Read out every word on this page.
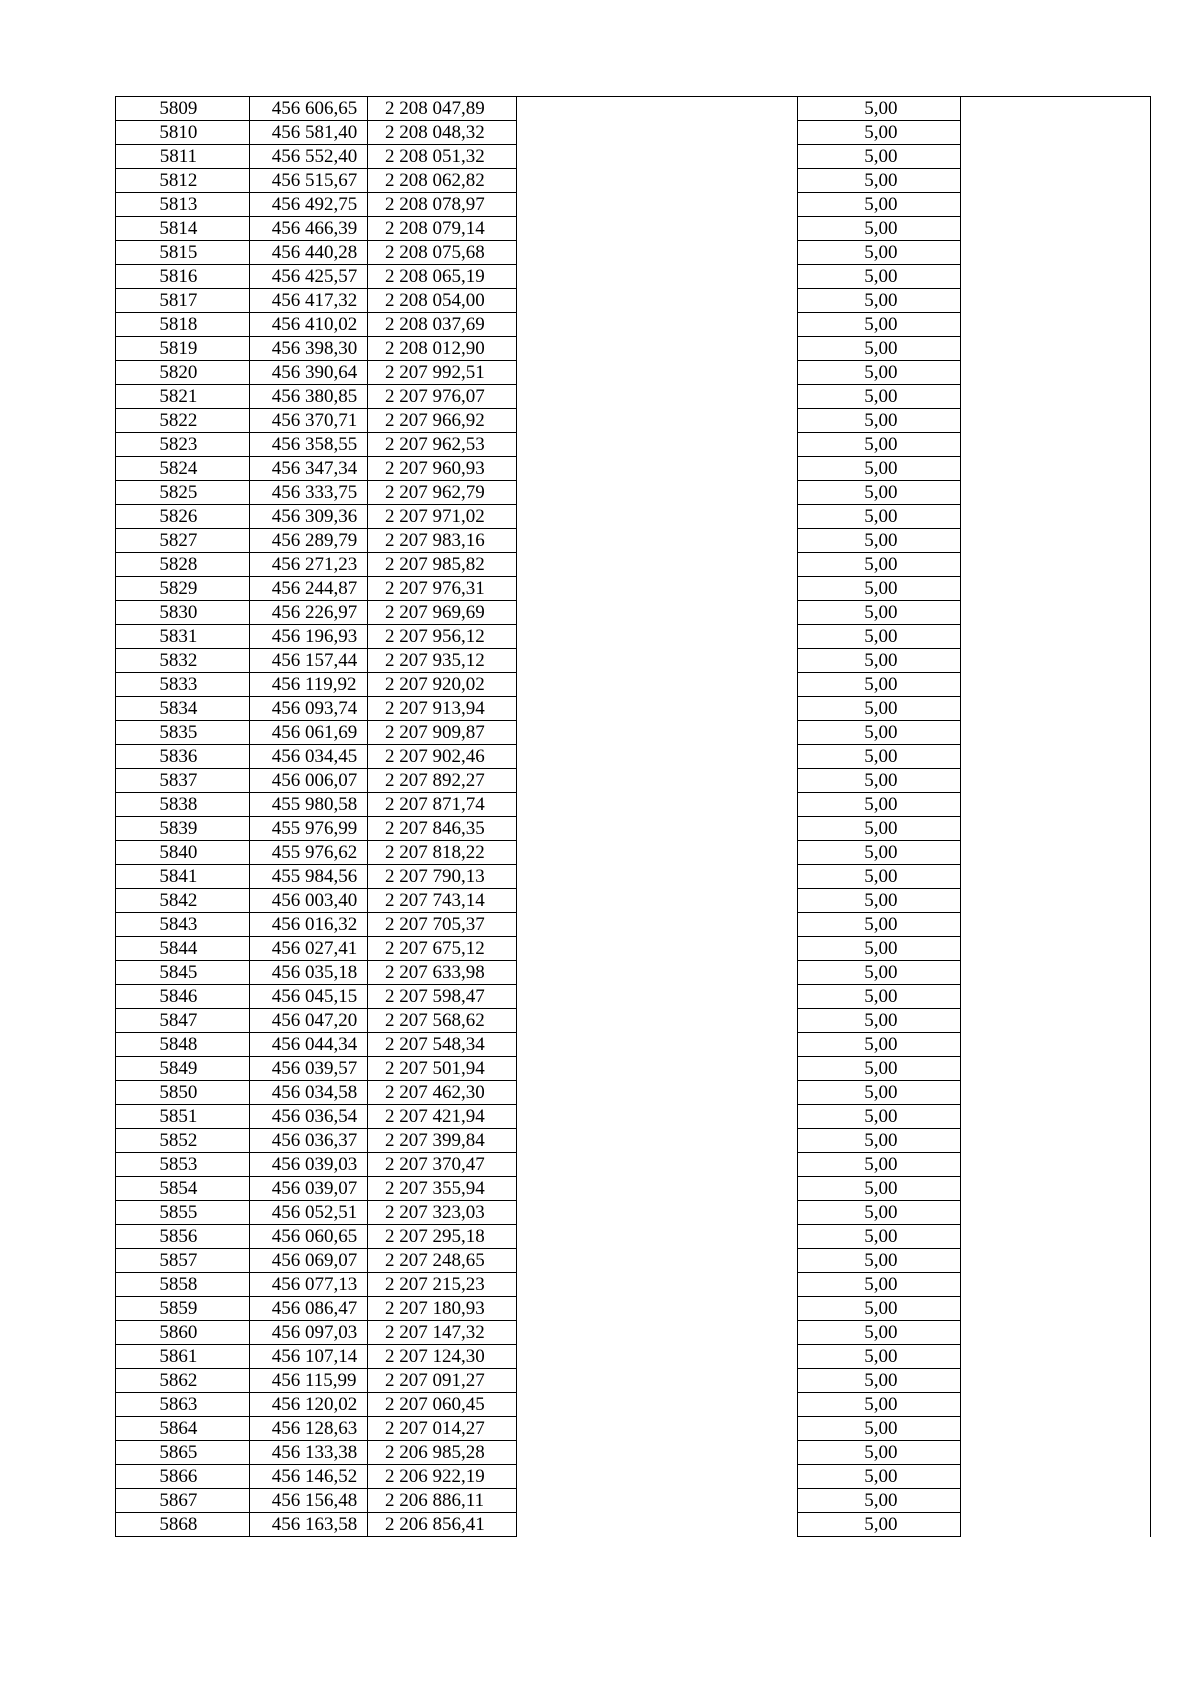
5809	456 606,65	2 208 047,89		5,00	
5810	456 581,40	2 208 048,32		5,00	
5811	456 552,40	2 208 051,32		5,00	
5812	456 515,67	2 208 062,82		5,00	
5813	456 492,75	2 208 078,97		5,00	
5814	456 466,39	2 208 079,14		5,00	
5815	456 440,28	2 208 075,68		5,00	
5816	456 425,57	2 208 065,19		5,00	
5817	456 417,32	2 208 054,00		5,00	
5818	456 410,02	2 208 037,69		5,00	
5819	456 398,30	2 208 012,90		5,00	
5820	456 390,64	2 207 992,51		5,00	
5821	456 380,85	2 207 976,07		5,00	
5822	456 370,71	2 207 966,92		5,00	
5823	456 358,55	2 207 962,53		5,00	
5824	456 347,34	2 207 960,93		5,00	
5825	456 333,75	2 207 962,79		5,00	
5826	456 309,36	2 207 971,02		5,00	
5827	456 289,79	2 207 983,16		5,00	
5828	456 271,23	2 207 985,82		5,00	
5829	456 244,87	2 207 976,31		5,00	
5830	456 226,97	2 207 969,69		5,00	
5831	456 196,93	2 207 956,12		5,00	
5832	456 157,44	2 207 935,12		5,00	
5833	456 119,92	2 207 920,02		5,00	
5834	456 093,74	2 207 913,94		5,00	
5835	456 061,69	2 207 909,87		5,00	
5836	456 034,45	2 207 902,46		5,00	
5837	456 006,07	2 207 892,27		5,00	
5838	455 980,58	2 207 871,74		5,00	
5839	455 976,99	2 207 846,35		5,00	
5840	455 976,62	2 207 818,22		5,00	
5841	455 984,56	2 207 790,13		5,00	
5842	456 003,40	2 207 743,14		5,00	
5843	456 016,32	2 207 705,37		5,00	
5844	456 027,41	2 207 675,12		5,00	
5845	456 035,18	2 207 633,98		5,00	
5846	456 045,15	2 207 598,47		5,00	
5847	456 047,20	2 207 568,62		5,00	
5848	456 044,34	2 207 548,34		5,00	
5849	456 039,57	2 207 501,94		5,00	
5850	456 034,58	2 207 462,30		5,00	
5851	456 036,54	2 207 421,94		5,00	
5852	456 036,37	2 207 399,84		5,00	
5853	456 039,03	2 207 370,47		5,00	
5854	456 039,07	2 207 355,94		5,00	
5855	456 052,51	2 207 323,03		5,00	
5856	456 060,65	2 207 295,18		5,00	
5857	456 069,07	2 207 248,65		5,00	
5858	456 077,13	2 207 215,23		5,00	
5859	456 086,47	2 207 180,93		5,00	
5860	456 097,03	2 207 147,32		5,00	
5861	456 107,14	2 207 124,30		5,00	
5862	456 115,99	2 207 091,27		5,00	
5863	456 120,02	2 207 060,45		5,00	
5864	456 128,63	2 207 014,27		5,00	
5865	456 133,38	2 206 985,28		5,00	
5866	456 146,52	2 206 922,19		5,00	
5867	456 156,48	2 206 886,11		5,00	
5868	456 163,58	2 206 856,41		5,00	
